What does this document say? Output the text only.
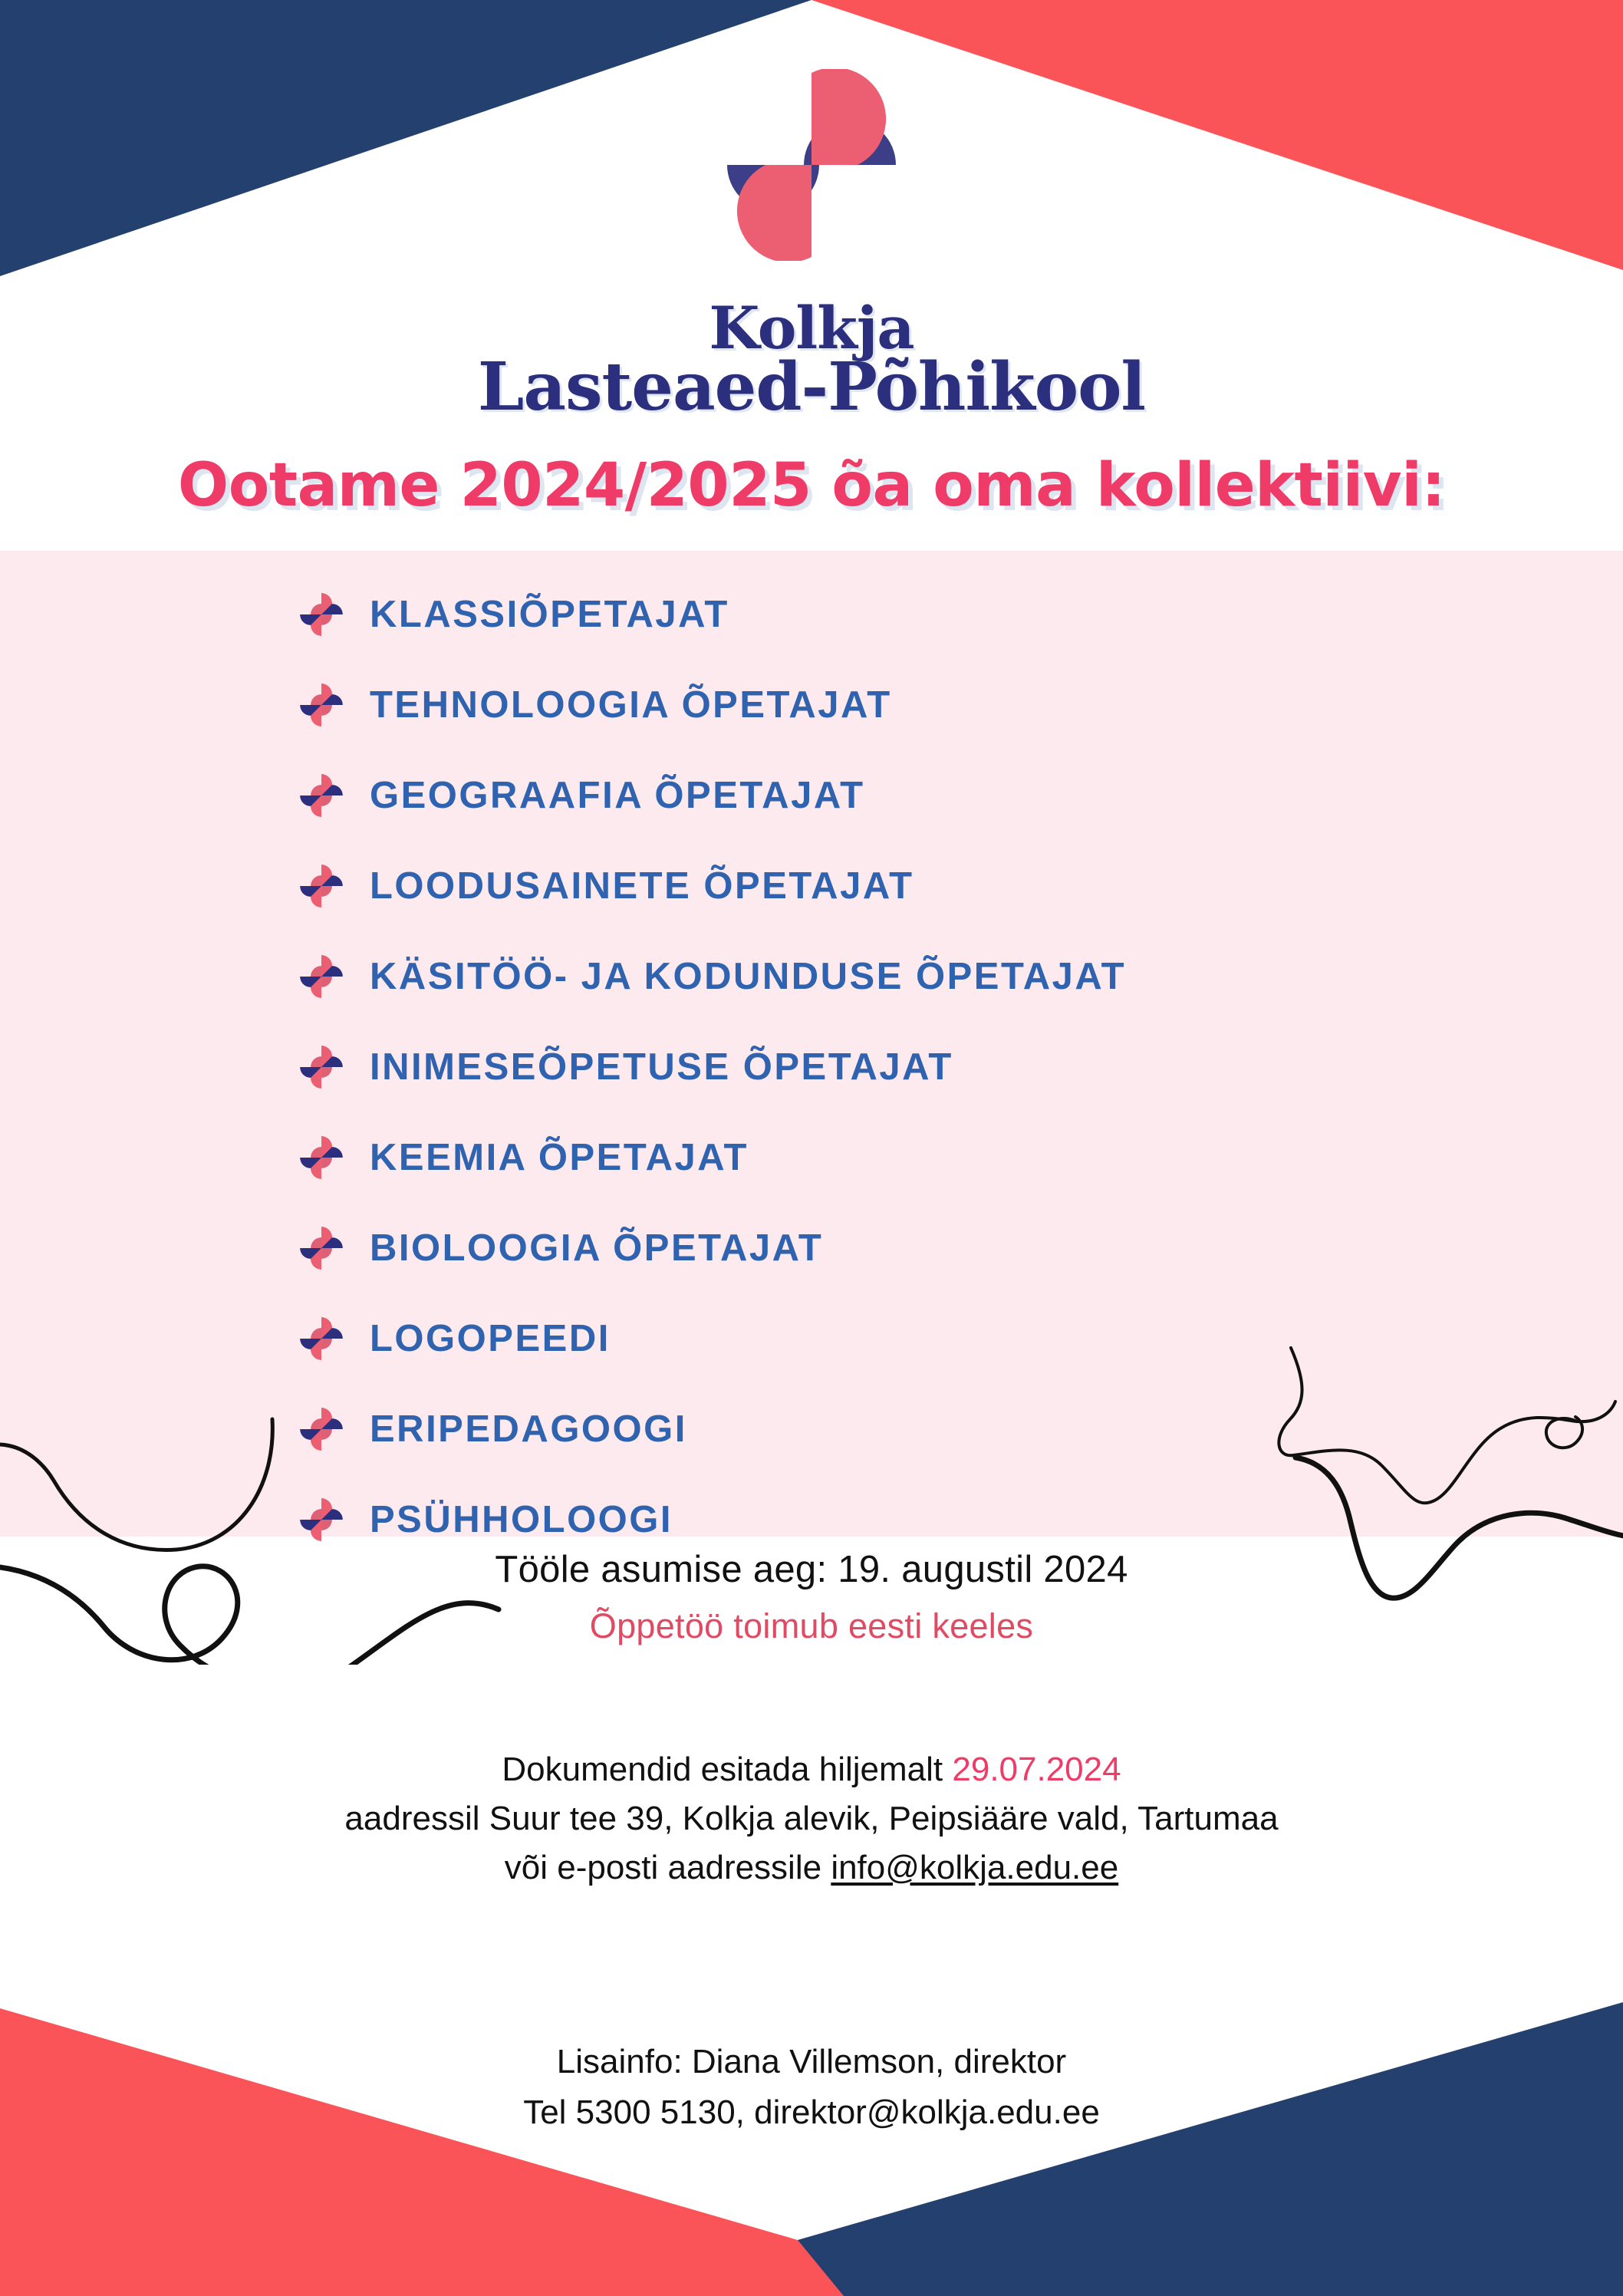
Kolkja
Lasteaed-Põhikool
Ootame 2024/2025 õa oma kollektiivi:
KLASSIÕPETAJAT
TEHNOLOOGIA ÕPETAJAT
GEOGRAAFIA ÕPETAJAT
LOODUSAINETE ÕPETAJAT
KÄSITÖÖ- JA KODUNDUSE ÕPETAJAT
INIMESEÕPETUSE ÕPETAJAT
KEEMIA ÕPETAJAT
BIOLOOGIA ÕPETAJAT
LOGOPEEDI
ERIPEDAGOOGI
PSÜHHOLOOGI
Tööle asumise aeg: 19. augustil 2024
Õppetöö toimub eesti keeles
Dokumendid esitada hiljemalt 29.07.2024
aadressil Suur tee 39, Kolkja alevik, Peipsiääre vald, Tartumaa
või e-posti aadressile info@kolkja.edu.ee
Lisainfo: Diana Villemson, direktor
Tel 5300 5130, direktor@kolkja.edu.ee
